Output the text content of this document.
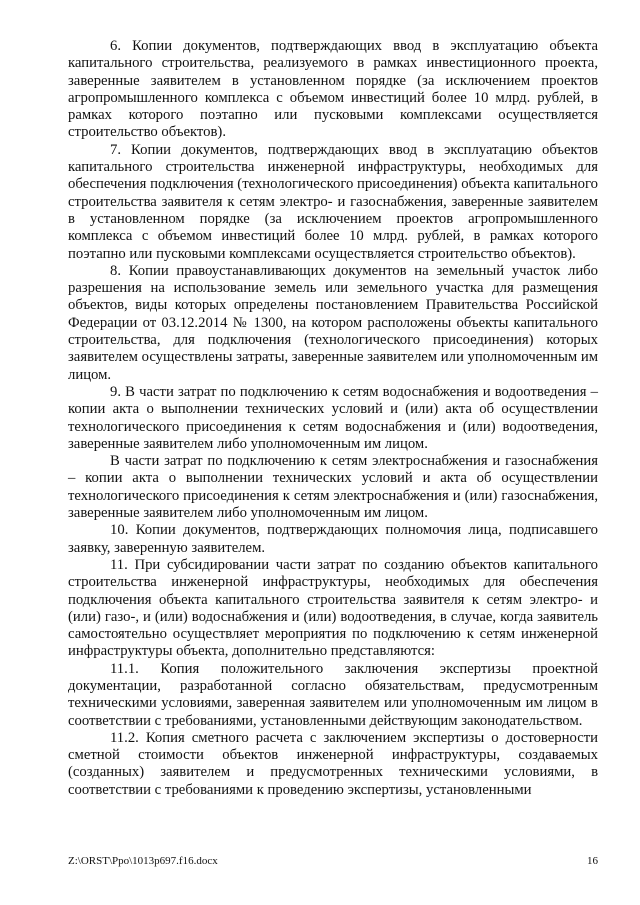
6. Копии документов, подтверждающих ввод в эксплуатацию объекта капитального строительства, реализуемого в рамках инвестиционного проекта, заверенные заявителем в установленном порядке (за исключением проектов агропромышленного комплекса с объемом инвестиций более 10 млрд. рублей, в рамках которого поэтапно или пусковыми комплексами осуществляется строительство объектов).

7. Копии документов, подтверждающих ввод в эксплуатацию объектов капитального строительства инженерной инфраструктуры, необходимых для обеспечения подключения (технологического присоединения) объекта капитального строительства заявителя к сетям электро- и газоснабжения, заверенные заявителем в установленном порядке (за исключением проектов агропромышленного комплекса с объемом инвестиций более 10 млрд. рублей, в рамках которого поэтапно или пусковыми комплексами осуществляется строительство объектов).

8. Копии правоустанавливающих документов на земельный участок либо разрешения на использование земель или земельного участка для размещения объектов, виды которых определены постановлением Правительства Российской Федерации от 03.12.2014 № 1300, на котором расположены объекты капитального строительства, для подключения (технологического присоединения) которых заявителем осуществлены затраты, заверенные заявителем или уполномоченным им лицом.

9. В части затрат по подключению к сетям водоснабжения и водоотведения – копии акта о выполнении технических условий и (или) акта об осуществлении технологического присоединения к сетям водоснабжения и (или) водоотведения, заверенные заявителем либо уполномоченным им лицом.

В части затрат по подключению к сетям электроснабжения и газоснабжения – копии акта о выполнении технических условий и акта об осуществлении технологического присоединения к сетям электроснабжения и (или) газоснабжения, заверенные заявителем либо уполномоченным им лицом.

10. Копии документов, подтверждающих полномочия лица, подписавшего заявку, заверенную заявителем.

11. При субсидировании части затрат по созданию объектов капитального строительства инженерной инфраструктуры, необходимых для обеспечения подключения объекта капитального строительства заявителя к сетям электро- и (или) газо-, и (или) водоснабжения и (или) водоотведения, в случае, когда заявитель самостоятельно осуществляет мероприятия по подключению к сетям инженерной инфраструктуры объекта, дополнительно представляются:

11.1. Копия положительного заключения экспертизы проектной документации, разработанной согласно обязательствам, предусмотренным техническими условиями, заверенная заявителем или уполномоченным им лицом в соответствии с требованиями, установленными действующим законодательством.

11.2. Копия сметного расчета с заключением экспертизы о достоверности сметной стоимости объектов инженерной инфраструктуры, создаваемых (созданных) заявителем и предусмотренных техническими условиями, в соответствии с требованиями к проведению экспертизы, установленными

Z:\ORST\Ppo\1013p697.f16.docx	16
